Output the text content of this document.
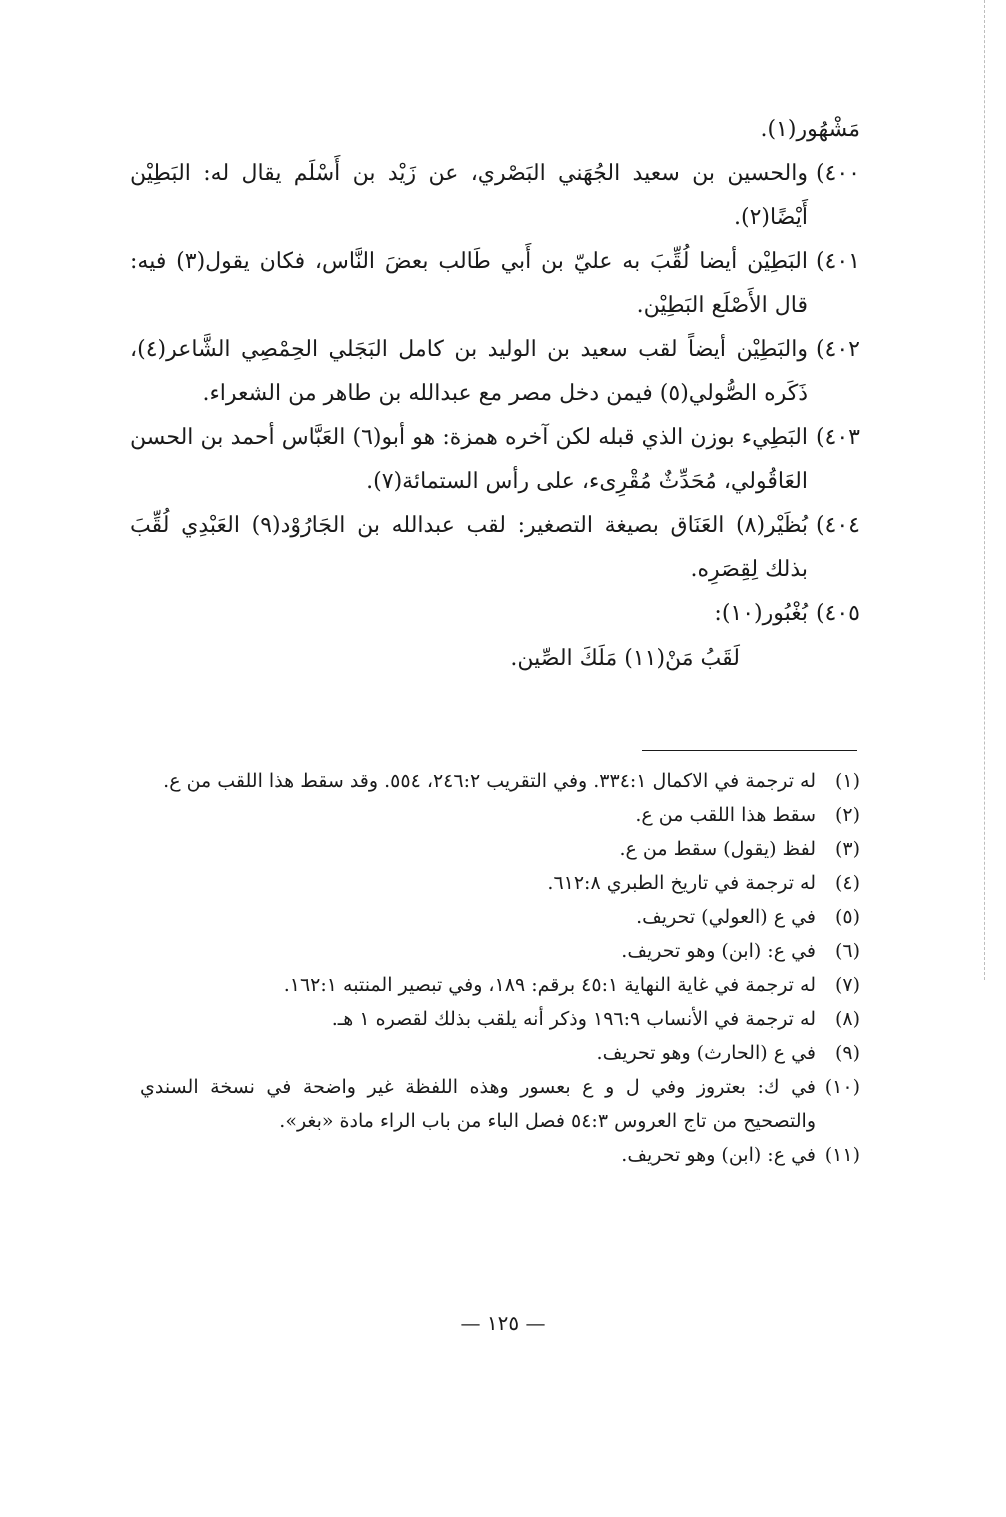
مَشْهُور(١).

٤٠٠)
والحسين بن سعيد الجُهَني البَصْري، عن زَيْد بن أَسْلَم يقال له: البَطِيْن أَيْضًا(٢).
٤٠١)
البَطِيْن أيضا لُقِّبَ به عليّ بن أَبي طَالب بعضَ النَّاس، فكان يقول(٣) فيه: قال الأَصْلَع البَطِيْن.
٤٠٢)
والبَطِيْن أيضاً لقب سعيد بن الوليد بن كامل البَجَلي الحِمْصِي الشَّاعر(٤)، ذَكَره الصُّولي(٥) فيمن دخل مصر مع عبدالله بن طاهر من الشعراء.
٤٠٣)
البَطِيء بوزن الذي قبله لكن آخره همزة: هو أبو(٦) العَبَّاس أحمد بن الحسن العَاقُولي، مُحَدِّثٌ مُقْرِىء، على رأس الستمائة(٧).
٤٠٤)
بُظَيْر(٨) العَنَاق بصيغة التصغير: لقب عبدالله بن الجَارُوْد(٩) العَبْدِي لُقِّبَ بذلك لِقِصَرِه.
٤٠٥)
بُغْبُور(١٠):

لَقَبُ مَنْ(١١) مَلَكَ الصِّين.

(١)
له ترجمة في الاكمال ٣٣٤:١. وفي التقريب ٢٤٦:٢، ٥٥٤. وقد سقط هذا اللقب من ع.
(٢)
سقط هذا اللقب من ع.
(٣)
لفظ (يقول) سقط من ع.
(٤)
له ترجمة في تاريخ الطبري ٦١٢:٨.
(٥)
في ع (العولي) تحريف.
(٦)
في ع: (ابن) وهو تحريف.
(٧)
له ترجمة في غاية النهاية ٤٥:١ برقم: ١٨٩، وفي تبصير المنتبه ١٦٢:١.
(٨)
له ترجمة في الأنساب ١٩٦:٩ وذكر أنه يلقب بذلك لقصره ١ هـ.
(٩)
في ع (الحارث) وهو تحريف.
(١٠)
في ك: بعتروز وفي ل و ع بعسور وهذه اللفظة غير واضحة في نسخة السندي والتصحيح من تاج العروس ٥٤:٣ فصل الباء من باب الراء مادة «بغر».
(١١)
في ع: (ابن) وهو تحريف.
— ١٢٥ —
